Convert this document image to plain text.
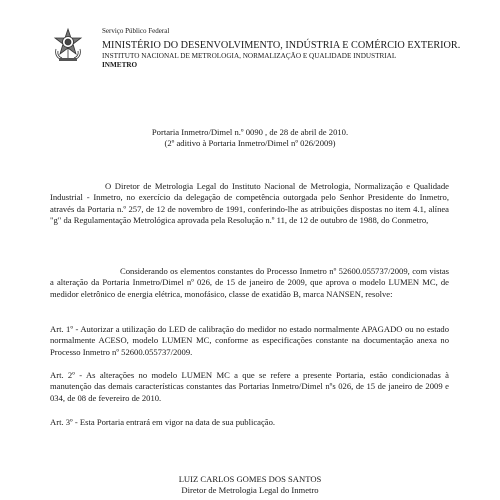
Serviço Público Federal
MINISTÉRIO DO DESENVOLVIMENTO, INDÚSTRIA E COMÉRCIO EXTERIOR.
INSTITUTO NACIONAL DE METROLOGIA, NORMALIZAÇÃO E QUALIDADE INDUSTRIAL
INMETRO
Portaria Inmetro/Dimel n.º 0090 , de 28 de abril de 2010.
(2º aditivo à Portaria Inmetro/Dimel nº 026/2009)
O Diretor de Metrologia Legal do Instituto Nacional de Metrologia, Normalização e Qualidade Industrial - Inmetro, no exercício da delegação de competência outorgada pelo Senhor Presidente do Inmetro, através da Portaria n.º 257, de 12 de novembro de 1991, conferindo-lhe as atribuições dispostas no item 4.1, alínea "g" da Regulamentação Metrológica aprovada pela Resolução n.º 11, de 12 de outubro de 1988, do Conmetro,
Considerando os elementos constantes do Processo Inmetro nº 52600.055737/2009, com vistas a alteração da Portaria Inmetro/Dimel nº 026, de 15 de janeiro de 2009, que aprova o modelo LUMEN MC, de medidor eletrônico de energia elétrica, monofásico, classe de exatidão B, marca NANSEN, resolve:
Art. 1º - Autorizar a utilização do LED de calibração do medidor no estado normalmente APAGADO ou no estado normalmente ACESO, modelo LUMEN MC, conforme as especificações constante na documentação anexa no Processo Inmetro nº 52600.055737/2009.
Art. 2º - As alterações no modelo LUMEN MC a que se refere a presente Portaria, estão condicionadas à manutenção das demais características constantes das Portarias Inmetro/Dimel nºs 026, de 15 de janeiro de 2009 e 034, de 08 de fevereiro de 2010.
Art. 3º - Esta Portaria entrará em vigor na data de sua publicação.
LUIZ CARLOS GOMES DOS SANTOS
Diretor de Metrologia Legal do Inmetro
